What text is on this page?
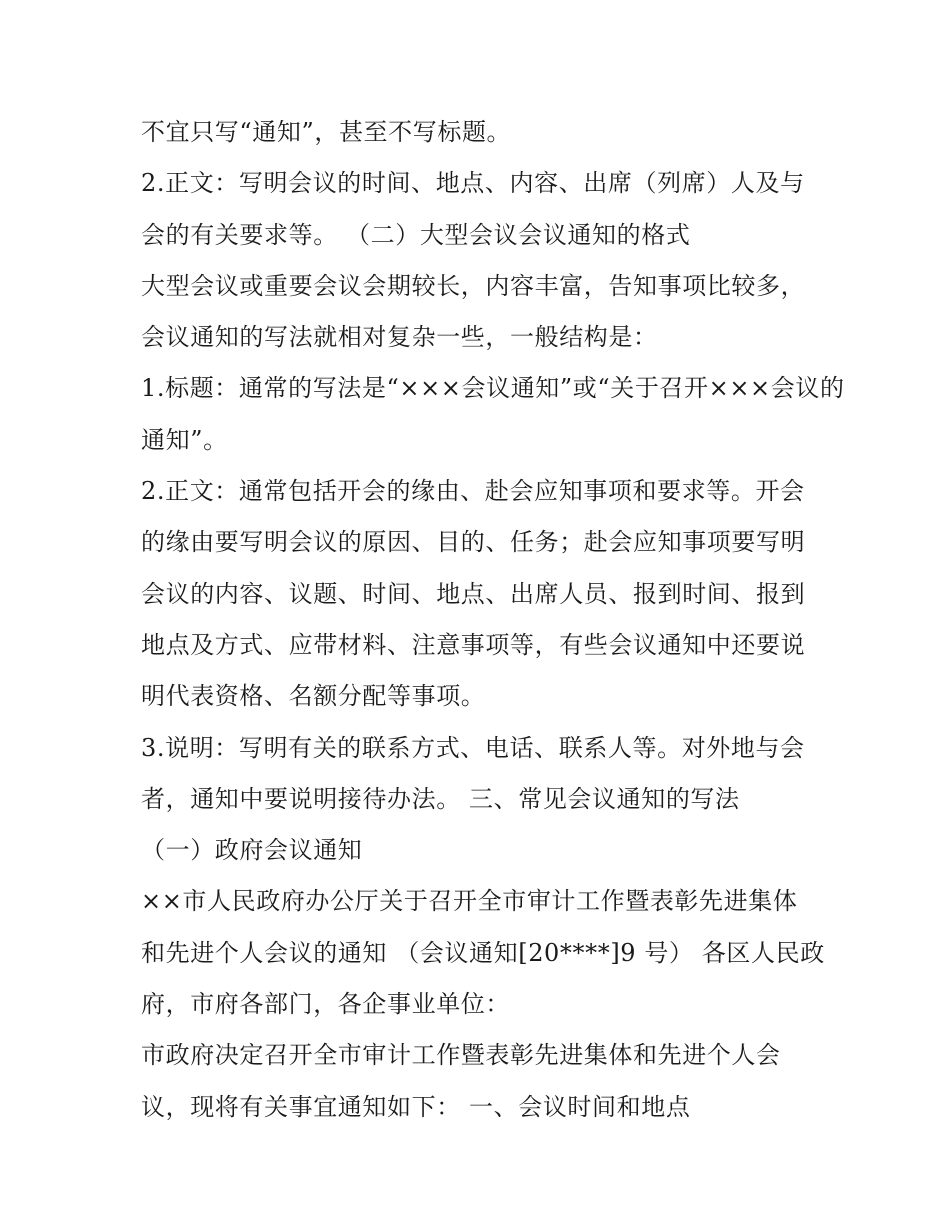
不宜只写“通知”，甚至不写标题。
2.正文：写明会议的时间、地点、内容、出席（列席）人及与
会的有关要求等。 （二）大型会议会议通知的格式
大型会议或重要会议会期较长，内容丰富，告知事项比较多，
会议通知的写法就相对复杂一些，一般结构是：
1.标题：通常的写法是“×××会议通知”或“关于召开×××会议的
通知”。
2.正文：通常包括开会的缘由、赴会应知事项和要求等。开会
的缘由要写明会议的原因、目的、任务；赴会应知事项要写明
会议的内容、议题、时间、地点、出席人员、报到时间、报到
地点及方式、应带材料、注意事项等，有些会议通知中还要说
明代表资格、名额分配等事项。
3.说明：写明有关的联系方式、电话、联系人等。对外地与会
者，通知中要说明接待办法。 三、常见会议通知的写法
（一）政府会议通知
××市人民政府办公厅关于召开全市审计工作暨表彰先进集体
和先进个人会议的通知 （会议通知[20****]9 号） 各区人民政
府，市府各部门，各企事业单位：
市政府决定召开全市审计工作暨表彰先进集体和先进个人会
议，现将有关事宜通知如下： 一、会议时间和地点
